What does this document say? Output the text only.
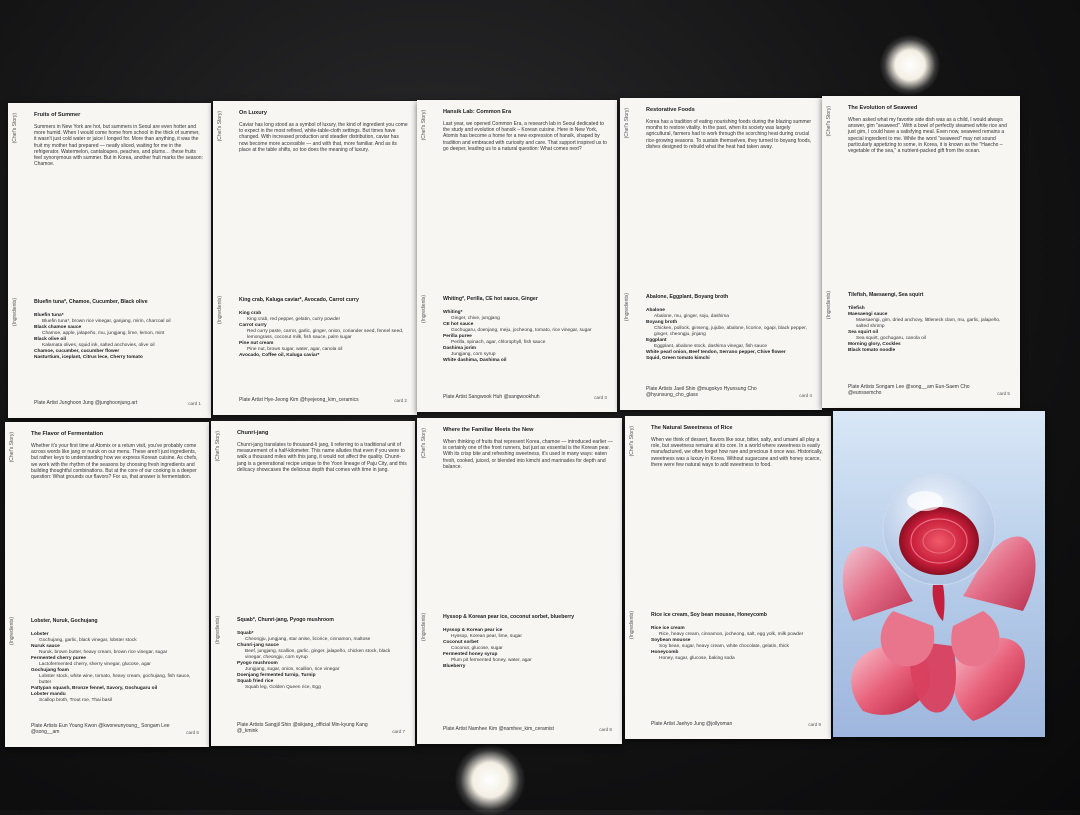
(Chef's Story)	Fruits of Summer
Summers in New York are hot, but summers in Seoul are even hotter and more humid. When I would come home from school in the thick of summer, it wasn't just cold water or juice I longed for. More than anything, it was the fruit my mother had prepared — neatly sliced, waiting for me in the refrigerator. Watermelon, cantaloupes, peaches, and plums… these fruits feel synonymous with summer. But in Korea, another fruit marks the season: Chamoe.
(Ingredients)	Bluefin tuna*, Chamoe, Cucumber, Black olive
Bluefin tuna*
Bluefin tuna*, brown rice vinegar, ganjang, mirin, charcoal oil
Black chamoe sauce
Chamoe, apple, jalapeño, mu, jungjang, lime, lemon, mint
Black olive oil
Kalamata olives, squid ink, salted anchovies, olive oil
Chamoe, cucumber, cucumber flower
Nasturtium, iceplant, Citrus lece, Cherry tomato
Plate Artist Junghoon Jung @junghoonjung.art	card 1
(Chef's Story)	On Luxury
Caviar has long stood as a symbol of luxury, the kind of ingredient you come to expect in the most refined, white-table-cloth settings. But times have changed. With increased production and steadier distribution, caviar has now become more accessible — and with that, more familiar. And as its place at the table shifts, so too does the meaning of luxury.
(Ingredients)	King crab, Kaluga caviar*, Avocado, Carrot curry
King crab
King crab, red pepper, gelatin, curry powder
Carrot curry
Red curry paste, carrot, garlic, ginger, onion, coriander seed, fennel seed, lemongrass, coconut milk, fish sauce, palm sugar
Pine nut cream
Pine nut, brown sugar, water, agar, canola oil
Avocado, Coffee oil, Kaluga caviar*
Plate Artist Hye-Jeong Kim @hyejeong_kim_ceramics	card 2
(Chef's Story)	Hansik Lab: Common Era
Last year, we opened Common Era, a research lab in Seoul dedicated to the study and evolution of hansik – Korean cuisine. Here in New York, Atomix has become a home for a new expression of hansik, shaped by tradition and embraced with curiosity and care. That support inspired us to go deeper, leading us to a natural question: What comes next?
(Ingredients)	Whiting*, Perilla, CE hot sauce, Ginger
Whiting*
Ginger, chive, jungjang
CE hot sauce
Gochugaru, doenjang, meju, jocheong, tomato, rice vinegar, sugar
Perilla puree
Perilla, spinach, agar, chlorophyll, fish sauce
Dashima jorim
Jungjang, corn syrup
White dashima, Dashima oil
Plate Artist Sangwook Huh @sangwookhuh	card 3
(Chef's Story)	Restorative Foods
Korea has a tradition of eating nourishing foods during the blazing summer months to restore vitality. In the past, when its society was largely agricultural, farmers had to work through the scorching heat during crucial rice-growing seasons. To sustain themselves, they turned to boyang foods, dishes designed to rebuild what the heat had taken away.
(Ingredients)	Abalone, Eggplant, Boyang broth
Abalone
Abalone, mu, ginger, soju, dashima
Boyang broth
Chicken, pollock, ginseng, jujube, abalone, licorice, ogapi, black pepper, ginger, cheongju, jinjang
Eggplant
Eggplant, abalone stock, dashima vinegar, fish sauce
White pearl onion, Beef tendon, Serrano pepper, Chive flower
Squid, Green tomato kimchi
Plate Artists Jaeil Shin @mugokyo Hyunsung Cho @hyunsung_cho_glass	card 4
(Chef's Story)	The Evolution of Seaweed
When asked what my favorite side dish was as a child, I would always answer, gim "seaweed". With a bowl of perfectly steamed white rice and just gim, I could have a satisfying meal. Even now, seaweed remains a special ingredient to me. While the word "seaweed" may not sound particularly appetizing to some, in Korea, it is known as the "Haecho – vegetable of the sea," a nutrient-packed gift from the ocean.
(Ingredients)	Tilefish, Maesaengi, Sea squirt
Tilefish
Maesaengi sauce
Maesaengi, gim, dried anchovy, littleneck clam, mu, garlic, jalapeño, salted shrimp
Sea squirt oil
Sea squirt, gochugaru, canola oil
Morning glory, Cockles
Black tomato noodle
Plate Artists Songam Lee @song__am Eun-Saem Cho @eunssemcho	card 5
(Chef's Story)	The Flavor of Fermentation
Whether it's your first time at Atomix or a return visit, you've probably come across words like jang or nuruk on our menu. These aren't just ingredients, but rather keys to understanding how we express Korean cuisine. As chefs, we work with the rhythm of the seasons by choosing fresh ingredients and building thoughtful combinations. But at the core of our cooking is a deeper question: What grounds our flavors? For us, that answer is fermentation.
(Ingredients)	Lobster, Nuruk, Gochujang
Lobster
Gochujang, garlic, black vinegar, lobster stock
Nuruk sauce
Nuruk, brown butter, heavy cream, brown rice vinegar, sugar
Fermented cherry puree
Lactofermented cherry, sherry vinegar, glucose, agar
Gochujang foam
Lobster stock, white wine, tomato, heavy cream, gochujang, fish sauce, butter
Pattypan squash, Bronze fennel, Savory, Gochugaru oil
Lobster mandu
Scallop broth, Trout roe, Thai basil
Plate Artists Eun Young Kwon @kwoneunyoung_ Songam Lee @song__am	card 6
(Chef's Story)	Chunri-jang
Chunri-jang translates to thousand-li jang, li referring to a traditional unit of measurement of a half-kilometer. This name alludes that even if you were to walk a thousand miles with this jang, it would not affect the quality. Chunri-jang is a generational recipe unique to the Yoon lineage of Paju City, and this delicacy showcases the delicious depth that comes with time in jang.
(Ingredients)	Squab*, Chunri-jang, Pyogo mushroom
Squab*
Cheongju, jungjang, star anise, licorice, cinnamon, maltose
Chunri-jang sauce
Beef, jungjang, scallion, garlic, ginger, jalapeño, chicken stock, black vinegar, cheongju, corn syrup
Pyogo mushroom
Jungjang, sugar, onion, scallion, rice vinegar
Doenjang fermented turnip, Turnip
Squab fried rice
Squab leg, Golden Queen rice, Egg
Plate Artists Sangjil Shin @sikjang_official Min-kyung Kang @_kmink	card 7
(Chef's Story)	Where the Familiar Meets the New
When thinking of fruits that represent Korea, chamoe — introduced earlier — is certainly one of the front runners, but just as essential is the Korean pear. With its crisp bite and refreshing sweetness, it's used in many ways: eaten fresh, cooked, juiced, or blended into kimchi and marinades for depth and balance.
(Ingredients)	Hyssop & Korean pear ice, coconut sorbet, blueberry
Hyssop & Korean pear ice
Hyssop, Korean pear, lime, sugar
Coconut sorbet
Coconut, glucose, sugar
Fermented honey syrup
Plum pit fermented honey, water, agar
Blueberry
Plate Artist Namhee Kim @namhee_kim_ceramist	card 8
(Chef's Story)	The Natural Sweetness of Rice
When we think of dessert, flavors like sour, bitter, salty, and umami all play a role, but sweetness remains at its core. In a world where sweetness is easily manufactured, we often forget how rare and precious it once was. Historically, sweetness was a luxury in Korea. Without sugarcane and with honey scarce, there were few natural ways to add sweetness to food.
(Ingredients)	Rice ice cream, Soy bean mousse, Honeycomb
Rice ice cream
Rice, heavy cream, cinnamon, jocheong, salt, egg yolk, milk powder
Soybean mousse
Soy bean, sugar, heavy cream, white chocolate, gelatin, thick
Honeycomb
Honey, sugar, glucose, baking soda
Plate Artist Jaehyo Jung @jollyoman	card 9
